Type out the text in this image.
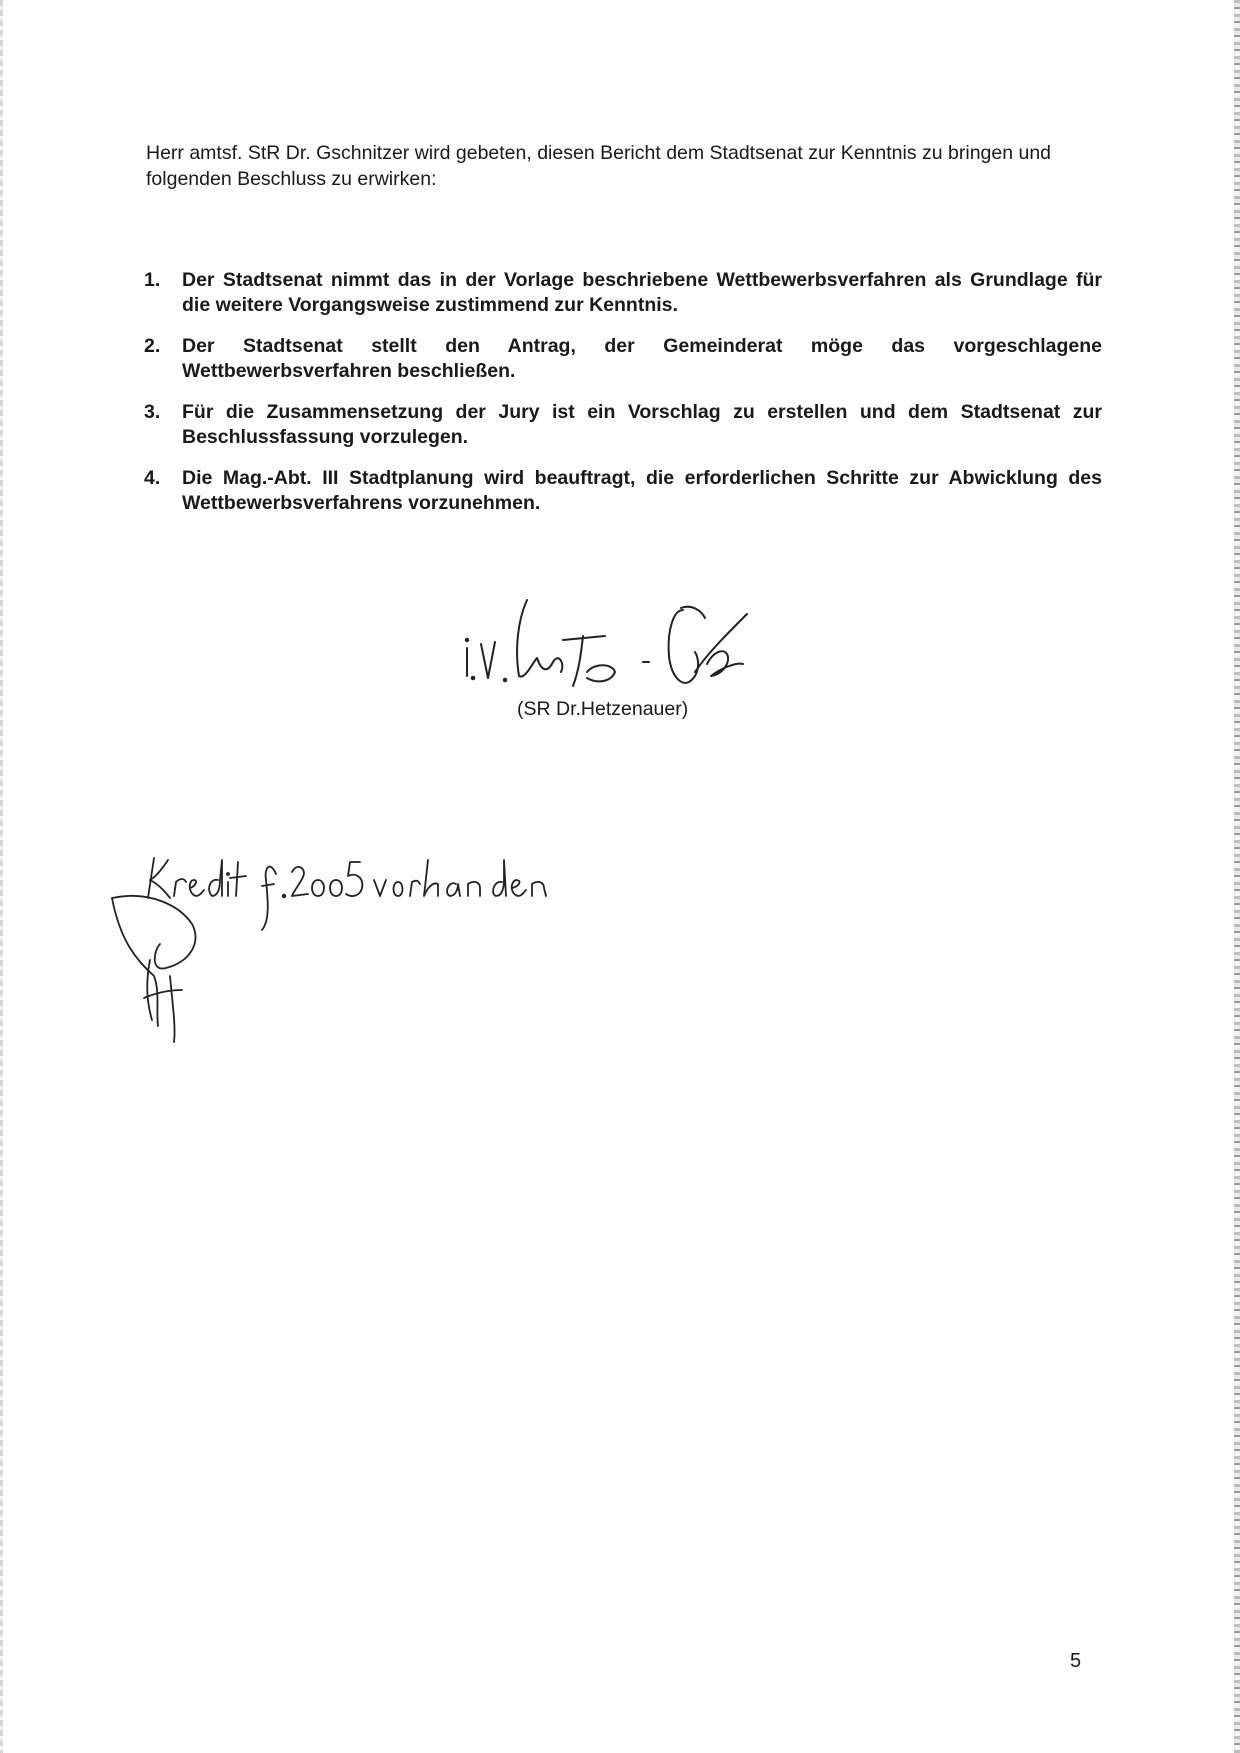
Herr amtsf. StR Dr. Gschnitzer wird gebeten, diesen Bericht dem Stadtsenat zur Kenntnis zu bringen und folgenden Beschluss zu erwirken:

1. Der Stadtsenat nimmt das in der Vorlage beschriebene Wettbewerbsverfahren als Grundlage für die weitere Vorgangsweise zustimmend zur Kenntnis.
2. Der Stadtsenat stellt den Antrag, der Gemeinderat möge das vorgeschlagene Wettbewerbsverfahren beschließen.
3. Für die Zusammensetzung der Jury ist ein Vorschlag zu erstellen und dem Stadtsenat zur Beschlussfassung vorzulegen.
4. Die Mag.-Abt. III Stadtplanung wird beauftragt, die erforderlichen Schritte zur Abwicklung des Wettbewerbsverfahrens vorzunehmen.

(SR Dr.Hetzenauer)

5
